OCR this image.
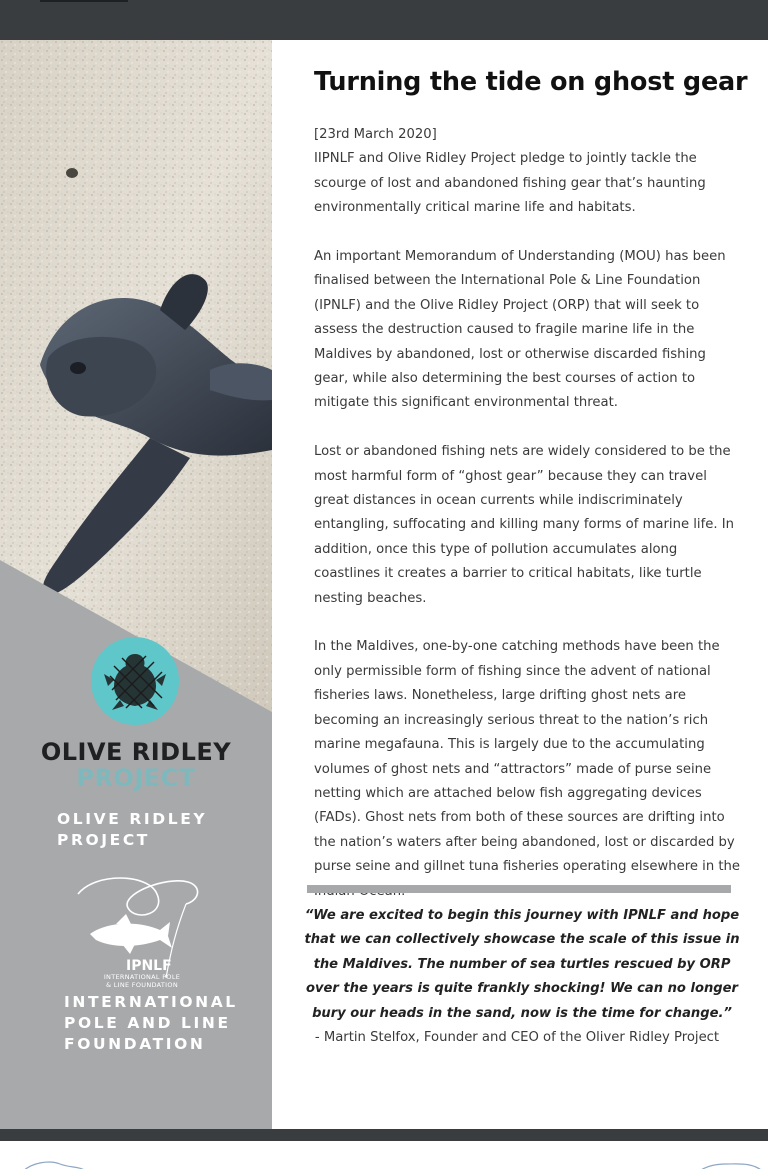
OLIVE RIDLEY
PROJECT
OLIVE RIDLEY
PROJECT
IPNLF
INTERNATIONAL POLE
& LINE FOUNDATION
INTERNATIONAL
POLE AND LINE
FOUNDATION
Turning the tide on ghost gear

[23rd March 2020]

IIPNLF and Olive Ridley Project pledge to jointly tackle the scourge of lost and abandoned fishing gear that’s haunting environmentally critical marine life and habitats.

An important Memorandum of Understanding (MOU) has been finalised between the International Pole & Line Foundation (IPNLF) and the Olive Ridley Project (ORP) that will seek to assess the destruction caused to fragile marine life in the Maldives by abandoned, lost or otherwise discarded fishing gear, while also determining the best courses of action to mitigate this significant environmental threat.

Lost or abandoned fishing nets are widely considered to be the most harmful form of “ghost gear” because they can travel great distances in ocean currents while indiscriminately entangling, suffocating and killing many forms of marine life. In addition, once this type of pollution accumulates along coastlines it creates a barrier to critical habitats, like turtle nesting beaches.

In the Maldives, one-by-one catching methods have been the only permissible form of fishing since the advent of national fisheries laws. Nonetheless, large drifting ghost nets are becoming an increasingly serious threat to the nation’s rich marine megafauna. This is largely due to the accumulating volumes of ghost nets and “attractors” made of purse seine netting which are attached below fish aggregating devices (FADs). Ghost nets from both of these sources are drifting into the nation’s waters after being abandoned, lost or discarded by purse seine and gillnet tuna fisheries operating elsewhere in the

“We are excited to begin this journey with IPNLF and hope that we can collectively showcase the scale of this issue in the Maldives. The number of sea turtles rescued by ORP over the years is quite frankly shocking! We can no longer bury our heads in the sand, now is the time for change.”
- Martin Stelfox, Founder and CEO of the Oliver Ridley Project
